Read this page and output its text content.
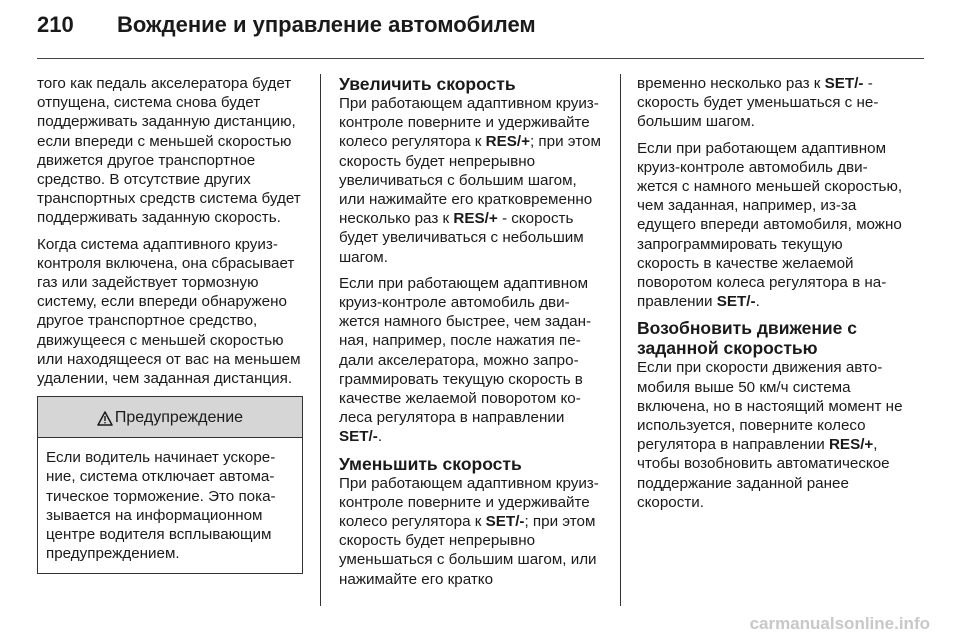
210	Вождение и управление автомобилем

того как педаль акселератора будет отпущена, система снова будет поддерживать заданную дистанцию, если впереди с меньшей скоростью движется другое транспортное средство. В отсутствие других транспортных средств система будет поддерживать заданную скорость.

Когда система адаптивного круиз-контроля включена, она сбрасывает газ или задействует тормозную систему, если впереди обнаружено другое транспортное средство, движущееся с меньшей скоростью или находящееся от вас на меньшем удалении, чем заданная дистанция.

Предупреждение
Если водитель начинает ускорение, система отключает автоматическое торможение. Это показывается на информационном центре водителя всплывающим предупреждением.
Увеличить скорость

При работающем адаптивном круиз-контроле поверните и удерживайте колесо регулятора к RES/+; при этом скорость будет непрерывно увеличиваться с большим шагом, или нажимайте его кратковременно несколько раз к RES/+ - скорость будет увеличиваться с небольшим шагом.

Если при работающем адаптивном круиз-контроле автомобиль движется намного быстрее, чем заданная, например, после нажатия педали акселератора, можно запрограммировать текущую скорость в качестве желаемой поворотом колеса регулятора в направлении SET/-.

Уменьшить скорость

При работающем адаптивном круиз-контроле поверните и удерживайте колесо регулятора к SET/-; при этом скорость будет непрерывно уменьшаться с большим шагом, или нажимайте его кратко

временно несколько раз к SET/- - скорость будет уменьшаться с небольшим шагом.

Если при работающем адаптивном круиз-контроле автомобиль движется с намного меньшей скоростью, чем заданная, например, из-за едущего впереди автомобиля, можно запрограммировать текущую скорость в качестве желаемой поворотом колеса регулятора в направлении SET/-.

Возобновить движение с заданной скоростью

Если при скорости движения автомобиля выше 50 км/ч система включена, но в настоящий момент не используется, поверните колесо регулятора в направлении RES/+, чтобы возобновить автоматическое поддержание заданной ранее скорости.

carmanualsonline.info
